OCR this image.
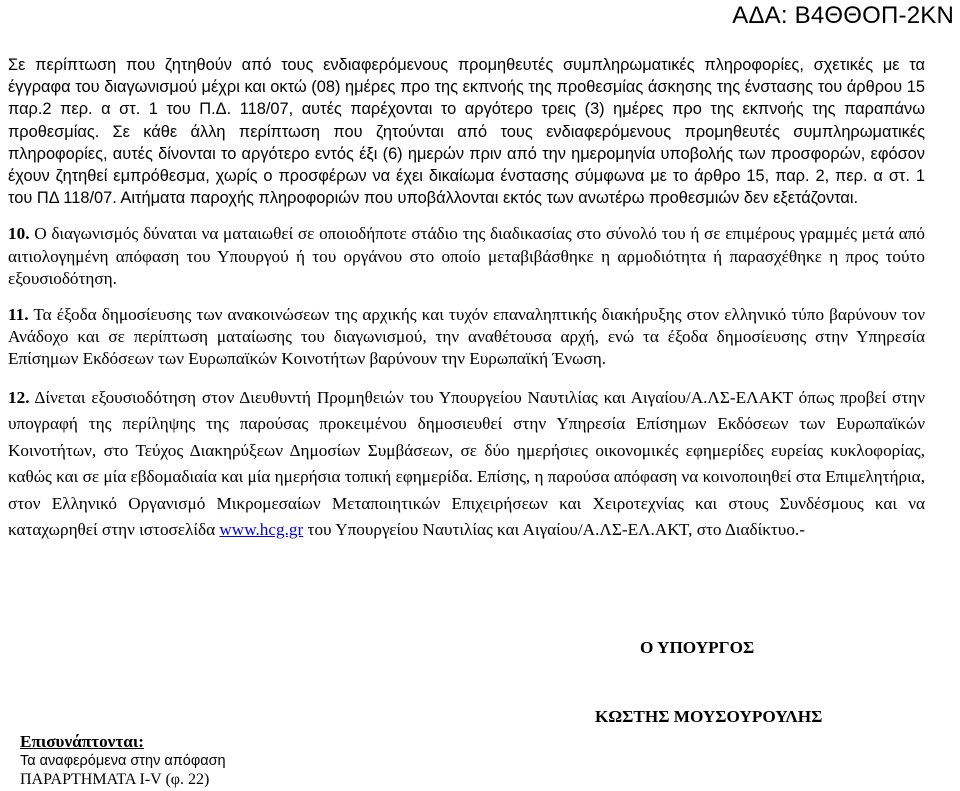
ΑΔΑ: Β4ΘΘΟΠ-2ΚΝ

Σε περίπτωση που ζητηθούν από τους ενδιαφερόμενους προμηθευτές συμπληρωματικές πληροφορίες, σχετικές με τα έγγραφα του διαγωνισμού μέχρι και οκτώ (08) ημέρες προ της εκπνοής της προθεσμίας άσκησης της ένστασης του άρθρου 15 παρ.2 περ. α στ. 1 του Π.Δ. 118/07, αυτές παρέχονται το αργότερο τρεις (3) ημέρες προ της εκπνοής της παραπάνω προθεσμίας. Σε κάθε άλλη περίπτωση που ζητούνται από τους ενδιαφερόμενους προμηθευτές συμπληρωματικές πληροφορίες, αυτές δίνονται το αργότερο εντός έξι (6) ημερών πριν από την ημερομηνία υποβολής των προσφορών, εφόσον έχουν ζητηθεί εμπρόθεσμα, χωρίς ο προσφέρων να έχει δικαίωμα ένστασης σύμφωνα με το άρθρο 15, παρ. 2, περ. α στ. 1 του ΠΔ 118/07. Αιτήματα παροχής πληροφοριών που υποβάλλονται εκτός των ανωτέρω προθεσμιών δεν εξετάζονται.

10. Ο διαγωνισμός δύναται να ματαιωθεί σε οποιοδήποτε στάδιο της διαδικασίας στο σύνολό του ή σε επιμέρους γραμμές μετά από αιτιολογημένη απόφαση του Υπουργού ή του οργάνου στο οποίο μεταβιβάσθηκε η αρμοδιότητα ή παρασχέθηκε η προς τούτο εξουσιοδότηση.

11. Τα έξοδα δημοσίευσης των ανακοινώσεων της αρχικής και τυχόν επαναληπτικής διακήρυξης στον ελληνικό τύπο βαρύνουν τον Ανάδοχο και σε περίπτωση ματαίωσης του διαγωνισμού, την αναθέτουσα αρχή, ενώ τα έξοδα δημοσίευσης στην Υπηρεσία Επίσημων Εκδόσεων των Ευρωπαϊκών Κοινοτήτων βαρύνουν την Ευρωπαϊκή Ένωση.

12. Δίνεται εξουσιοδότηση στον Διευθυντή Προμηθειών του Υπουργείου Ναυτιλίας και Αιγαίου/Α.ΛΣ-ΕΛΑΚΤ όπως προβεί στην υπογραφή της περίληψης της παρούσας προκειμένου δημοσιευθεί στην Υπηρεσία Επίσημων Εκδόσεων των Ευρωπαϊκών Κοινοτήτων, στο Τεύχος Διακηρύξεων Δημοσίων Συμβάσεων, σε δύο ημερήσιες οικονομικές εφημερίδες ευρείας κυκλοφορίας, καθώς και σε μία εβδομαδιαία και μία ημερήσια τοπική εφημερίδα. Επίσης, η παρούσα απόφαση να κοινοποιηθεί στα Επιμελητήρια, στον Ελληνικό Οργανισμό Μικρομεσαίων Μεταποιητικών Επιχειρήσεων και Χειροτεχνίας και στους Συνδέσμους και να καταχωρηθεί στην ιστοσελίδα www.hcg.gr του Υπουργείου Ναυτιλίας και Αιγαίου/Α.ΛΣ-ΕΛ.ΑΚΤ, στο Διαδίκτυο.-

Ο ΥΠΟΥΡΓΟΣ
ΚΩΣΤΗΣ ΜΟΥΣΟΥΡΟΥΛΗΣ
Επισυνάπτονται:
Τα αναφερόμενα στην απόφαση
ΠΑΡΑΡΤΗΜΑΤΑ I-V (φ. 22)
